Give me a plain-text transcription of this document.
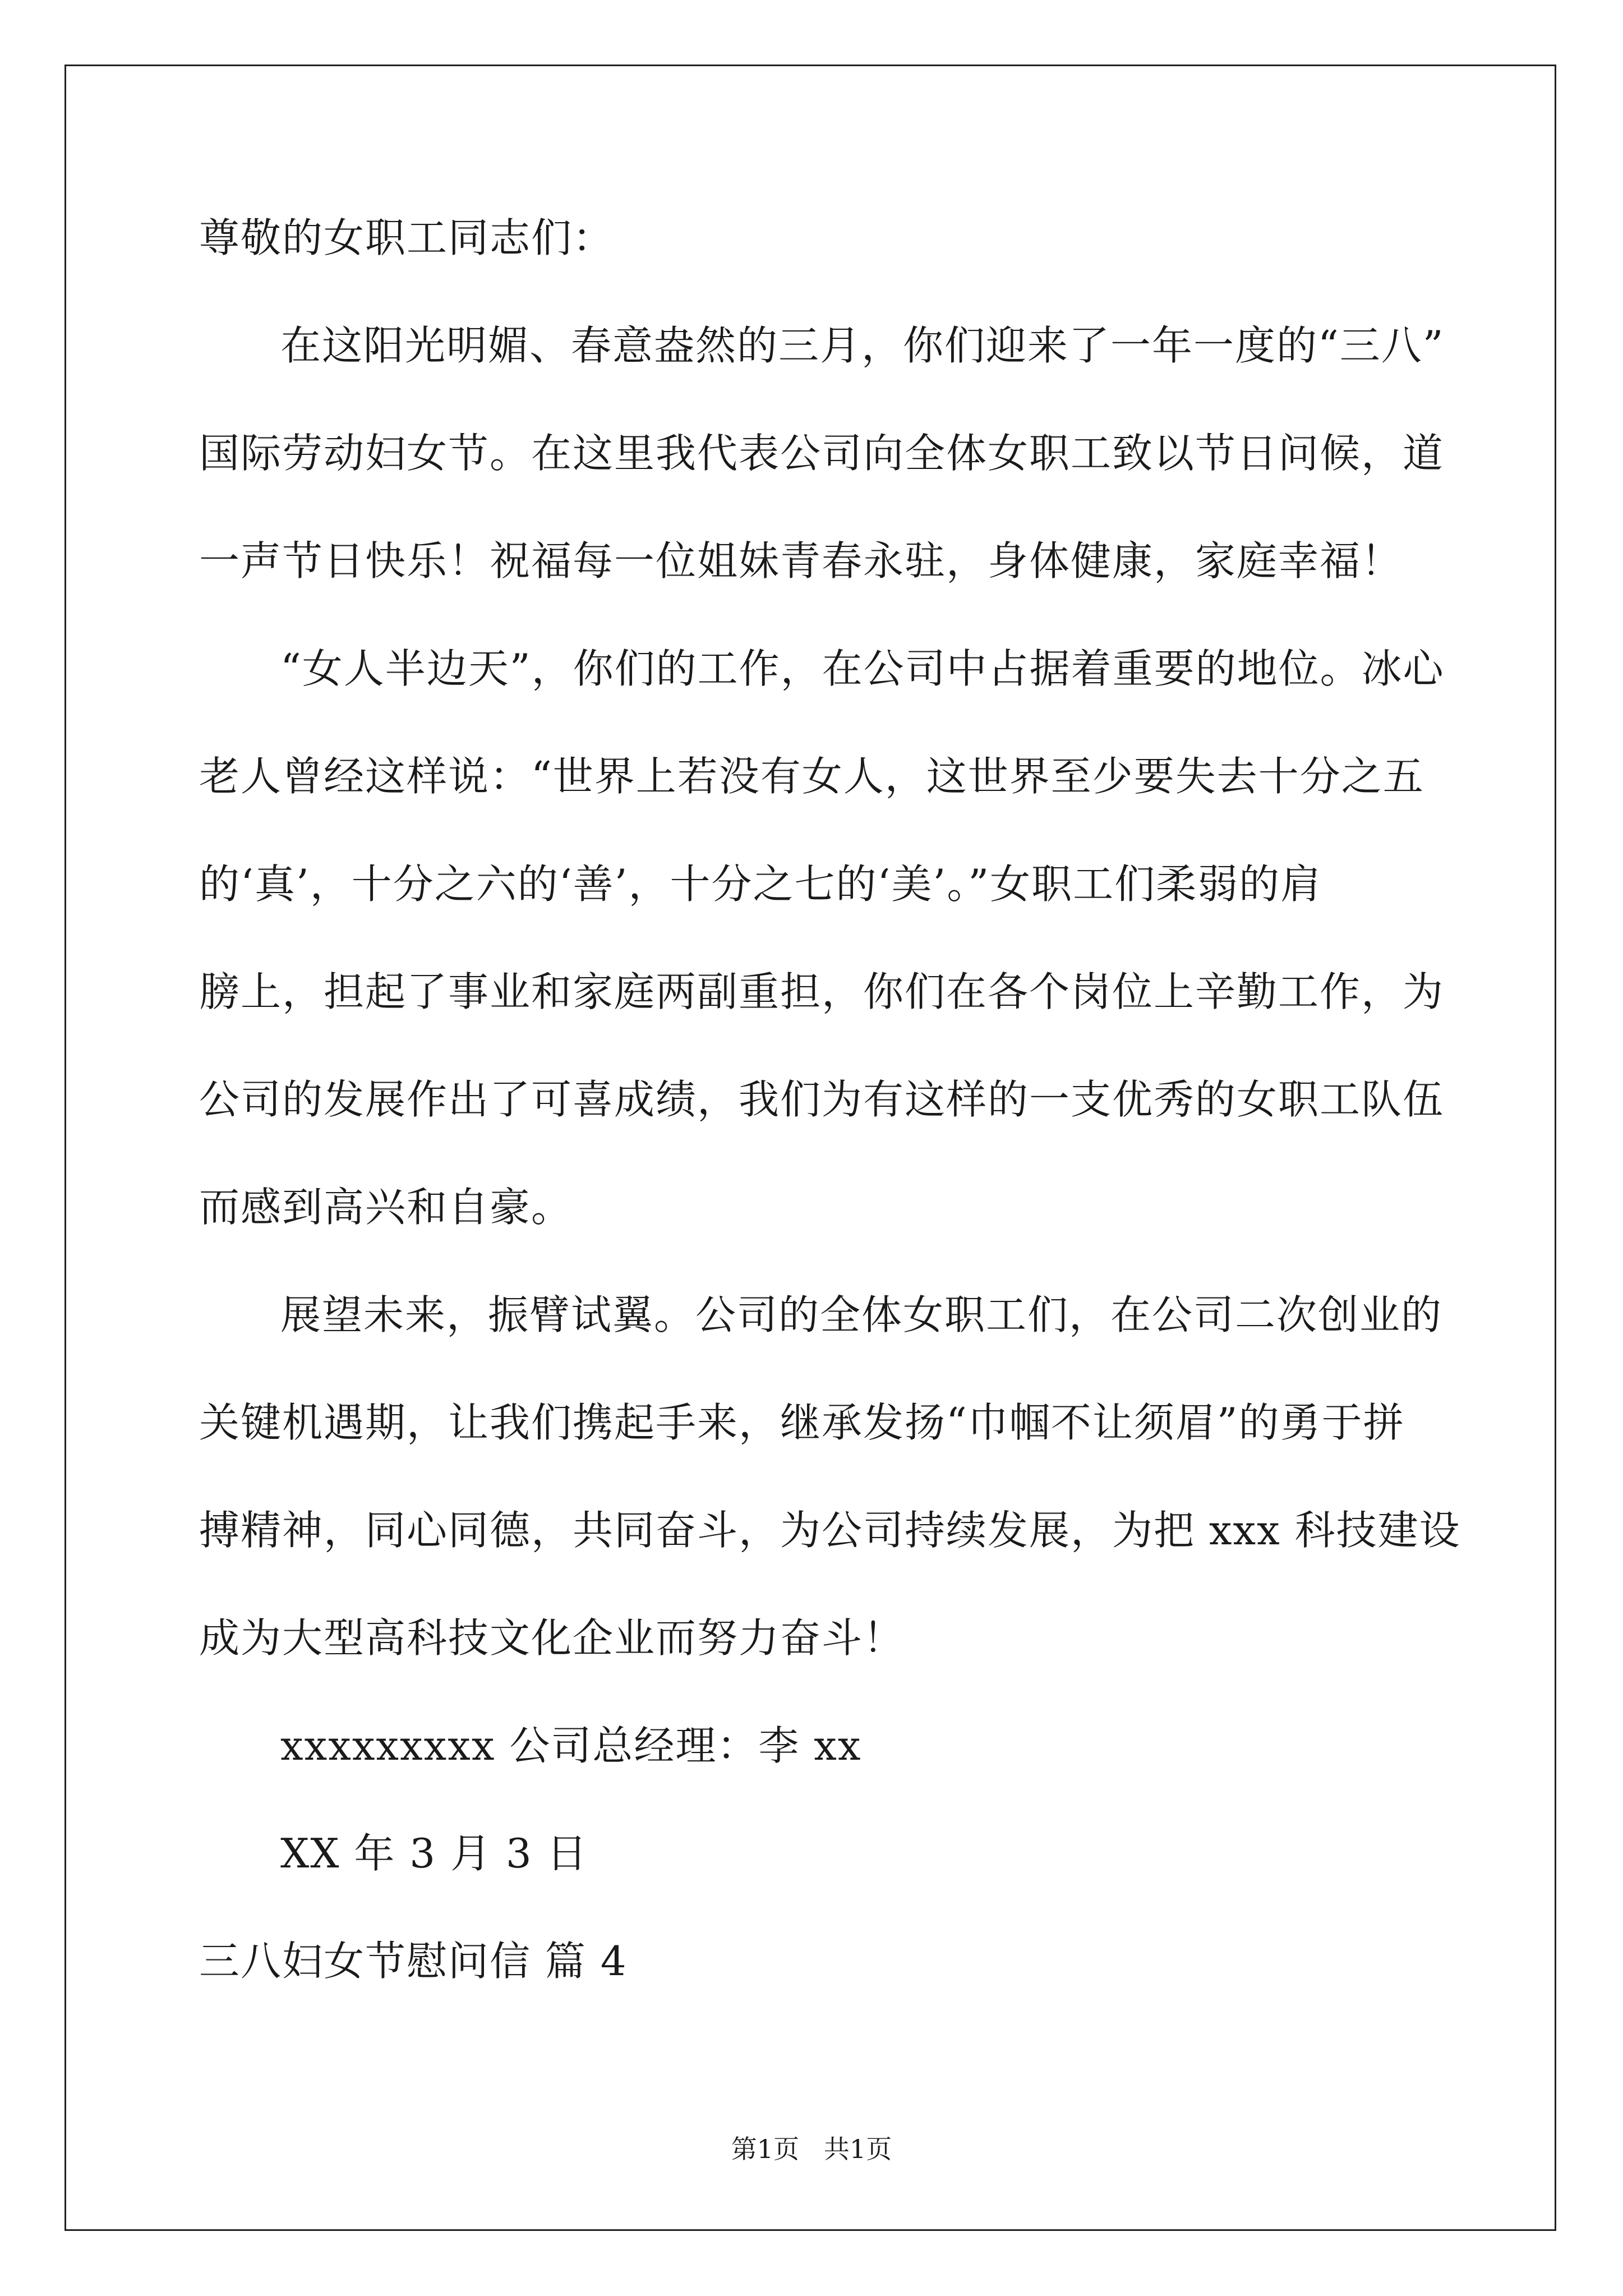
尊敬的女职工同志们：
在这阳光明媚、春意盎然的三月，你们迎来了一年一度的“三八”
国际劳动妇女节。在这里我代表公司向全体女职工致以节日问候，道
一声节日快乐！祝福每一位姐妹青春永驻，身体健康，家庭幸福！
“女人半边天”，你们的工作，在公司中占据着重要的地位。冰心
老人曾经这样说：“世界上若没有女人，这世界至少要失去十分之五
的‘真’，十分之六的‘善’，十分之七的‘美’。”女职工们柔弱的肩
膀上，担起了事业和家庭两副重担，你们在各个岗位上辛勤工作，为
公司的发展作出了可喜成绩，我们为有这样的一支优秀的女职工队伍
而感到高兴和自豪。
展望未来，振臂试翼。公司的全体女职工们，在公司二次创业的
关键机遇期，让我们携起手来，继承发扬“巾帼不让须眉”的勇于拼
搏精神，同心同德，共同奋斗，为公司持续发展，为把 xxx 科技建设
成为大型高科技文化企业而努力奋斗！
xxxxxxxxx 公司总经理：李 xx
XX 年 3 月 3 日
三八妇女节慰问信 篇 4
第1页   共1页
